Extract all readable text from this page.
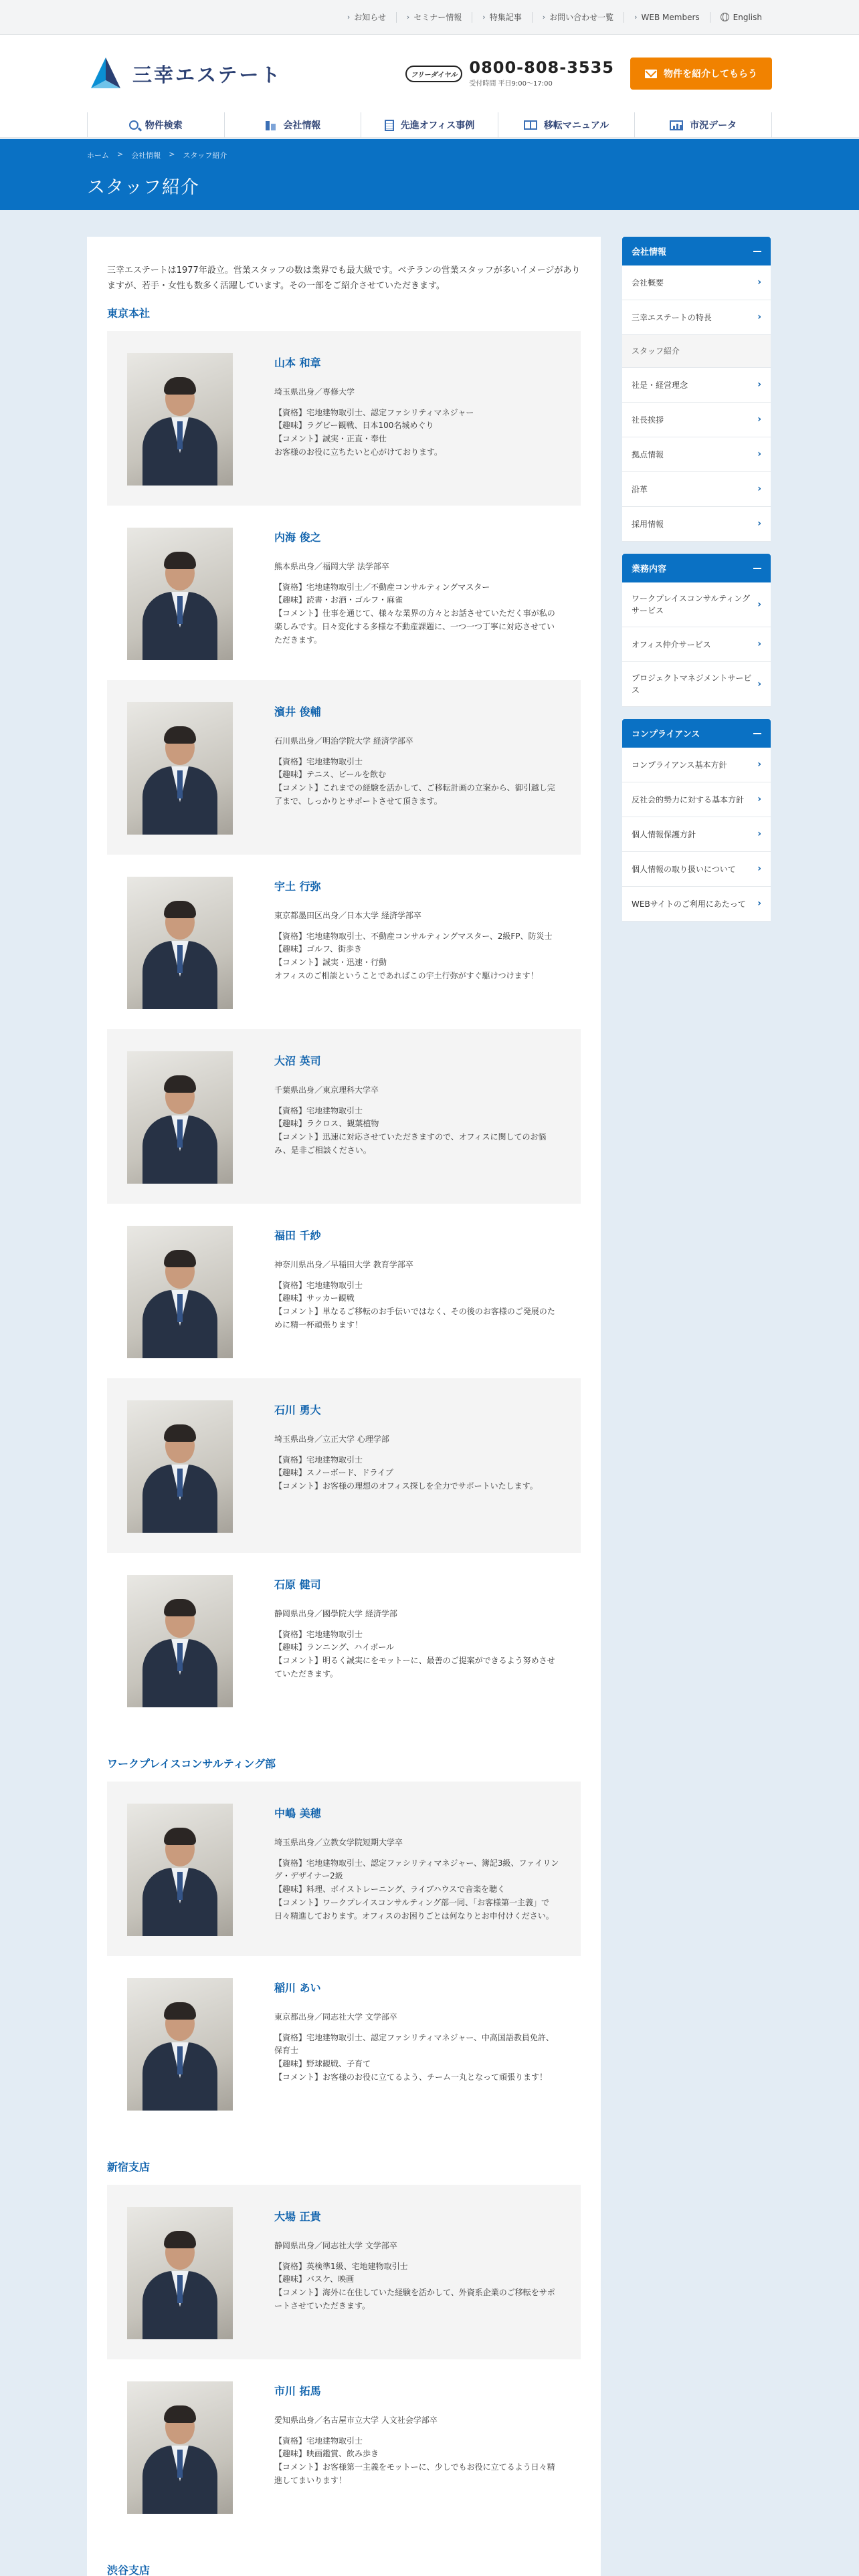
› お知らせ	› セミナー情報	› 特集記事	› お問い合わせ一覧	› WEB Members	English
三幸エステート	フリーダイヤル 0800-808-3535
受付時間 平日9:00～17:00
物件を紹介してもらう
物件検索	会社情報	先進オフィス事例	移転マニュアル	市況データ
ホーム > 会社情報 > スタッフ紹介
スタッフ紹介

三幸エステートは1977年設立。営業スタッフの数は業界でも最大級です。ベテランの営業スタッフが多いイメージがありますが、若手・女性も数多く活躍しています。その一部をご紹介させていただきます。

東京本社
山本 和章
埼玉県出身／専修大学
【資格】宅地建物取引士、認定ファシリティマネジャー
【趣味】ラグビー観戦、日本100名城めぐり
【コメント】誠実・正直・奉仕
お客様のお役に立ちたいと心がけております。
内海 俊之
熊本県出身／福岡大学 法学部卒
【資格】宅地建物取引士／不動産コンサルティングマスター
【趣味】読書・お酒・ゴルフ・麻雀
【コメント】仕事を通じて、様々な業界の方々とお話させていただく事が私の楽しみです。日々変化する多様な不動産課題に、一つ一つ丁寧に対応させていただきます。
濱井 俊輔
石川県出身／明治学院大学 経済学部卒
【資格】宅地建物取引士
【趣味】テニス、ビールを飲む
【コメント】これまでの経験を活かして、ご移転計画の立案から、御引越し完了まで、しっかりとサポートさせて頂きます。
宇土 行弥
東京都墨田区出身／日本大学 経済学部卒
【資格】宅地建物取引士、不動産コンサルティングマスター、2級FP、防災士
【趣味】ゴルフ、街歩き
【コメント】誠実・迅速・行動
オフィスのご相談ということであればこの宇土行弥がすぐ駆けつけます！
大沼 英司
千葉県出身／東京理科大学卒
【資格】宅地建物取引士
【趣味】ラクロス、観葉植物
【コメント】迅速に対応させていただきますので、オフィスに関してのお悩み、是非ご相談ください。
福田 千紗
神奈川県出身／早稲田大学 教育学部卒
【資格】宅地建物取引士
【趣味】サッカー観戦
【コメント】単なるご移転のお手伝いではなく、その後のお客様のご発展のために精一杯頑張ります！
石川 勇大
埼玉県出身／立正大学 心理学部
【資格】宅地建物取引士
【趣味】スノーボード、ドライブ
【コメント】お客様の理想のオフィス探しを全力でサポートいたします。
石原 健司
静岡県出身／國學院大学 経済学部
【資格】宅地建物取引士
【趣味】ランニング、ハイボール
【コメント】明るく誠実にをモットーに、最善のご提案ができるよう努めさせていただきます。
ワークプレイスコンサルティング部
中嶋 美穂
埼玉県出身／立教女学院短期大学卒
【資格】宅地建物取引士、認定ファシリティマネジャー、簿記3級、ファイリング・デザイナー2級
【趣味】料理、ボイストレーニング、ライブハウスで音楽を聴く
【コメント】ワークプレイスコンサルティング部一同、「お客様第一主義」で日々精進しております。オフィスのお困りごとは何なりとお申付けください。
稲川 あい
東京都出身／同志社大学 文学部卒
【資格】宅地建物取引士、認定ファシリティマネジャー、中高国語教員免許、保育士
【趣味】野球観戦、子育て
【コメント】お客様のお役に立てるよう、チーム一丸となって頑張ります！
新宿支店
大場 正貴
静岡県出身／同志社大学 文学部卒
【資格】英検準1級、宅地建物取引士
【趣味】バスケ、映画
【コメント】海外に在住していた経験を活かして、外資系企業のご移転をサポートさせていただきます。
市川 拓馬
愛知県出身／名古屋市立大学 人文社会学部卒
【資格】宅地建物取引士
【趣味】映画鑑賞、飲み歩き
【コメント】お客様第一主義をモットーに、少しでもお役に立てるよう日々精進してまいります！
渋谷支店
会社情報
会社概要	›
三幸エステートの特長	›
スタッフ紹介
社是・経営理念	›
社長挨拶	›
拠点情報	›
沿革	›
採用情報	›
業務内容
ワークプレイスコンサルティングサービス
›
オフィス仲介サービス	›
プロジェクトマネジメントサービス
›
コンプライアンス
コンプライアンス基本方針	›
反社会的勢力に対する基本方針 ›
個人情報保護方針	›
個人情報の取り扱いについて ›
WEBサイトのご利用にあたって ›
